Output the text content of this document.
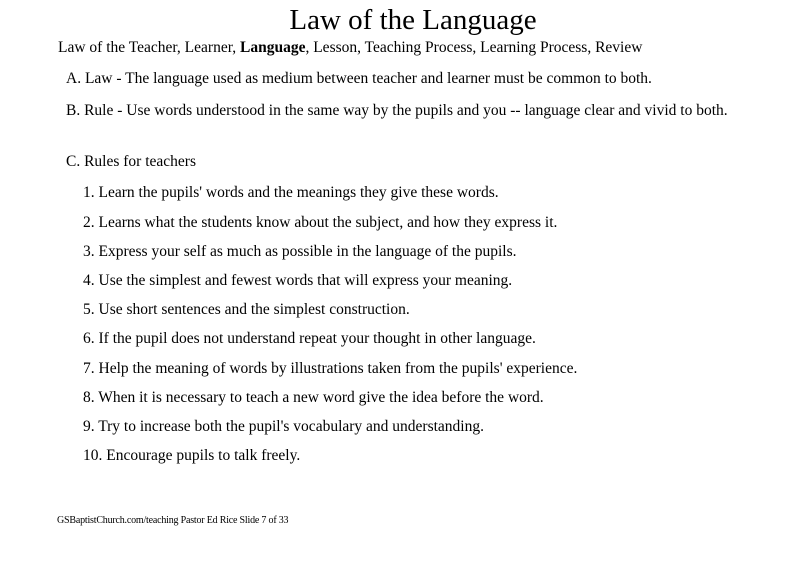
Law of the Language
Law of the Teacher, Learner, Language, Lesson, Teaching Process, Learning Process, Review
A. Law - The language used as medium between teacher and learner must be common to both.
B. Rule - Use words understood in the same way by the pupils and you -- language clear and vivid to both.
C. Rules for teachers
1. Learn the pupils' words and the meanings they give these words.
2. Learns what the students know about the subject, and how they express it.
3. Express your self as much as possible in the language of the pupils.
4. Use the simplest and fewest words that will express your meaning.
5. Use short sentences and the simplest construction.
6. If the pupil does not understand repeat your thought in other language.
7. Help the meaning of words by illustrations taken from the pupils' experience.
8. When it is necessary to teach a new word give the idea before the word.
9. Try to increase both the pupil's vocabulary and understanding.
10. Encourage pupils to talk freely.
GSBaptistChurch.com/teaching Pastor Ed Rice Slide 7 of 33
